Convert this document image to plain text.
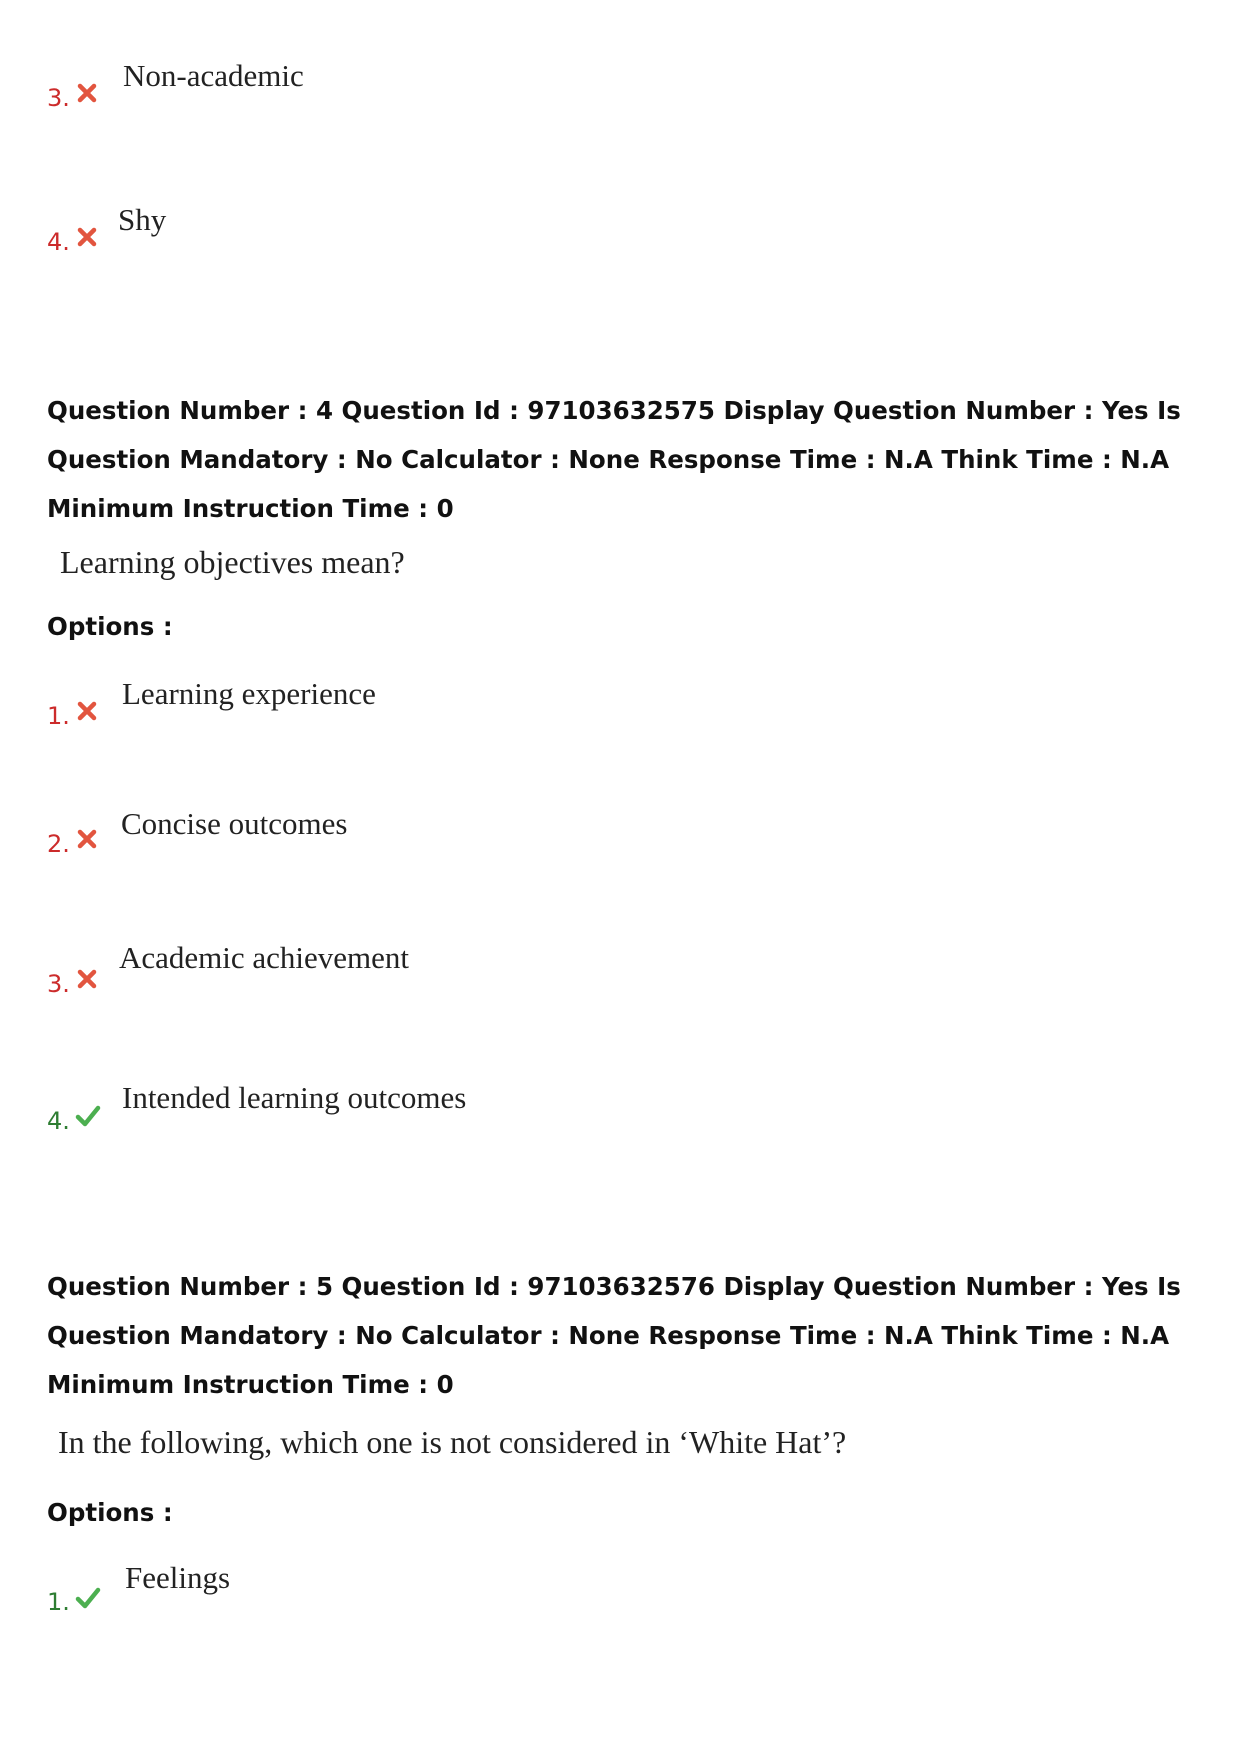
3.
Non-academic
4.
Shy
Question Number : 4 Question Id : 97103632575 Display Question Number : Yes Is Question Mandatory : No Calculator : None Response Time : N.A Think Time : N.A Minimum Instruction Time : 0
Learning objectives mean?
Options :
1.
Learning experience
2.
Concise outcomes
3.
Academic achievement
4.
Intended learning outcomes
Question Number : 5 Question Id : 97103632576 Display Question Number : Yes Is Question Mandatory : No Calculator : None Response Time : N.A Think Time : N.A Minimum Instruction Time : 0
In the following, which one is not considered in ‘White Hat’?
Options :
1.
Feelings
